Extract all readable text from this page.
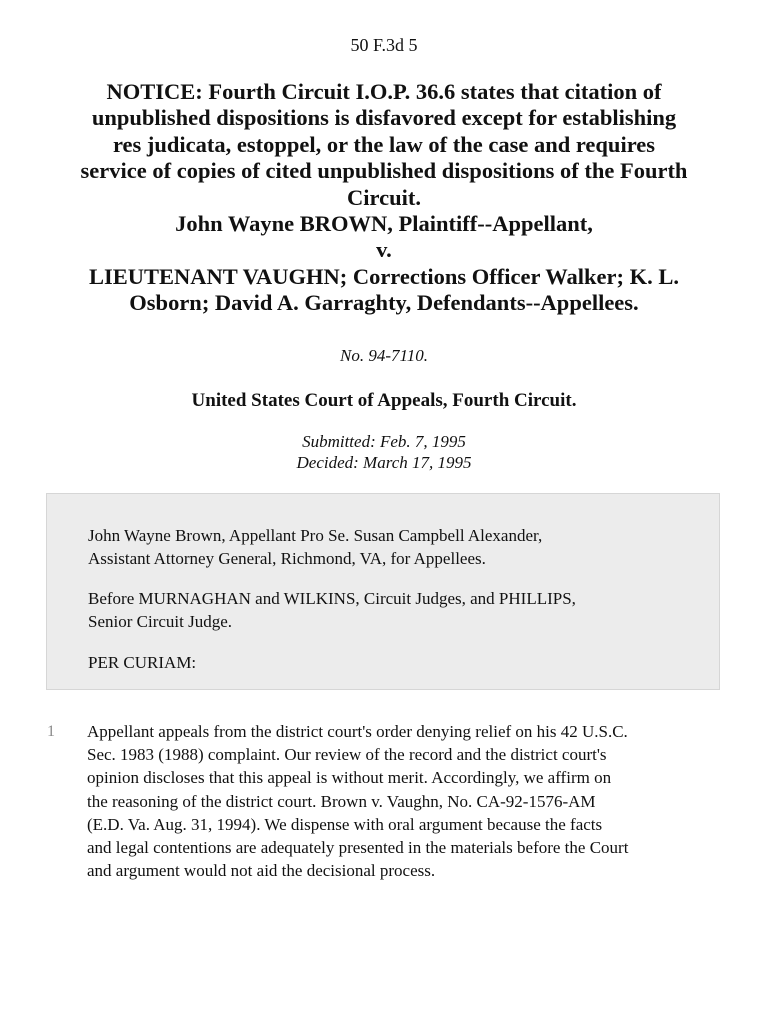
50 F.3d 5
NOTICE: Fourth Circuit I.O.P. 36.6 states that citation of
unpublished dispositions is disfavored except for establishing
res judicata, estoppel, or the law of the case and requires
service of copies of cited unpublished dispositions of the Fourth
Circuit.
John Wayne BROWN, Plaintiff--Appellant,
v.
LIEUTENANT VAUGHN; Corrections Officer Walker; K. L.
Osborn; David A. Garraghty, Defendants--Appellees.
No. 94-7110.
United States Court of Appeals, Fourth Circuit.
Submitted: Feb. 7, 1995
Decided: March 17, 1995

John Wayne Brown, Appellant Pro Se. Susan Campbell Alexander,
Assistant Attorney General, Richmond, VA, for Appellees.

Before MURNAGHAN and WILKINS, Circuit Judges, and PHILLIPS,
Senior Circuit Judge.

PER CURIAM:

1 Appellant appeals from the district court's order denying relief on his 42 U.S.C.
Sec. 1983 (1988) complaint. Our review of the record and the district court's
opinion discloses that this appeal is without merit. Accordingly, we affirm on
the reasoning of the district court. Brown v. Vaughn, No. CA-92-1576-AM
(E.D. Va. Aug. 31, 1994). We dispense with oral argument because the facts
and legal contentions are adequately presented in the materials before the Court
and argument would not aid the decisional process.
